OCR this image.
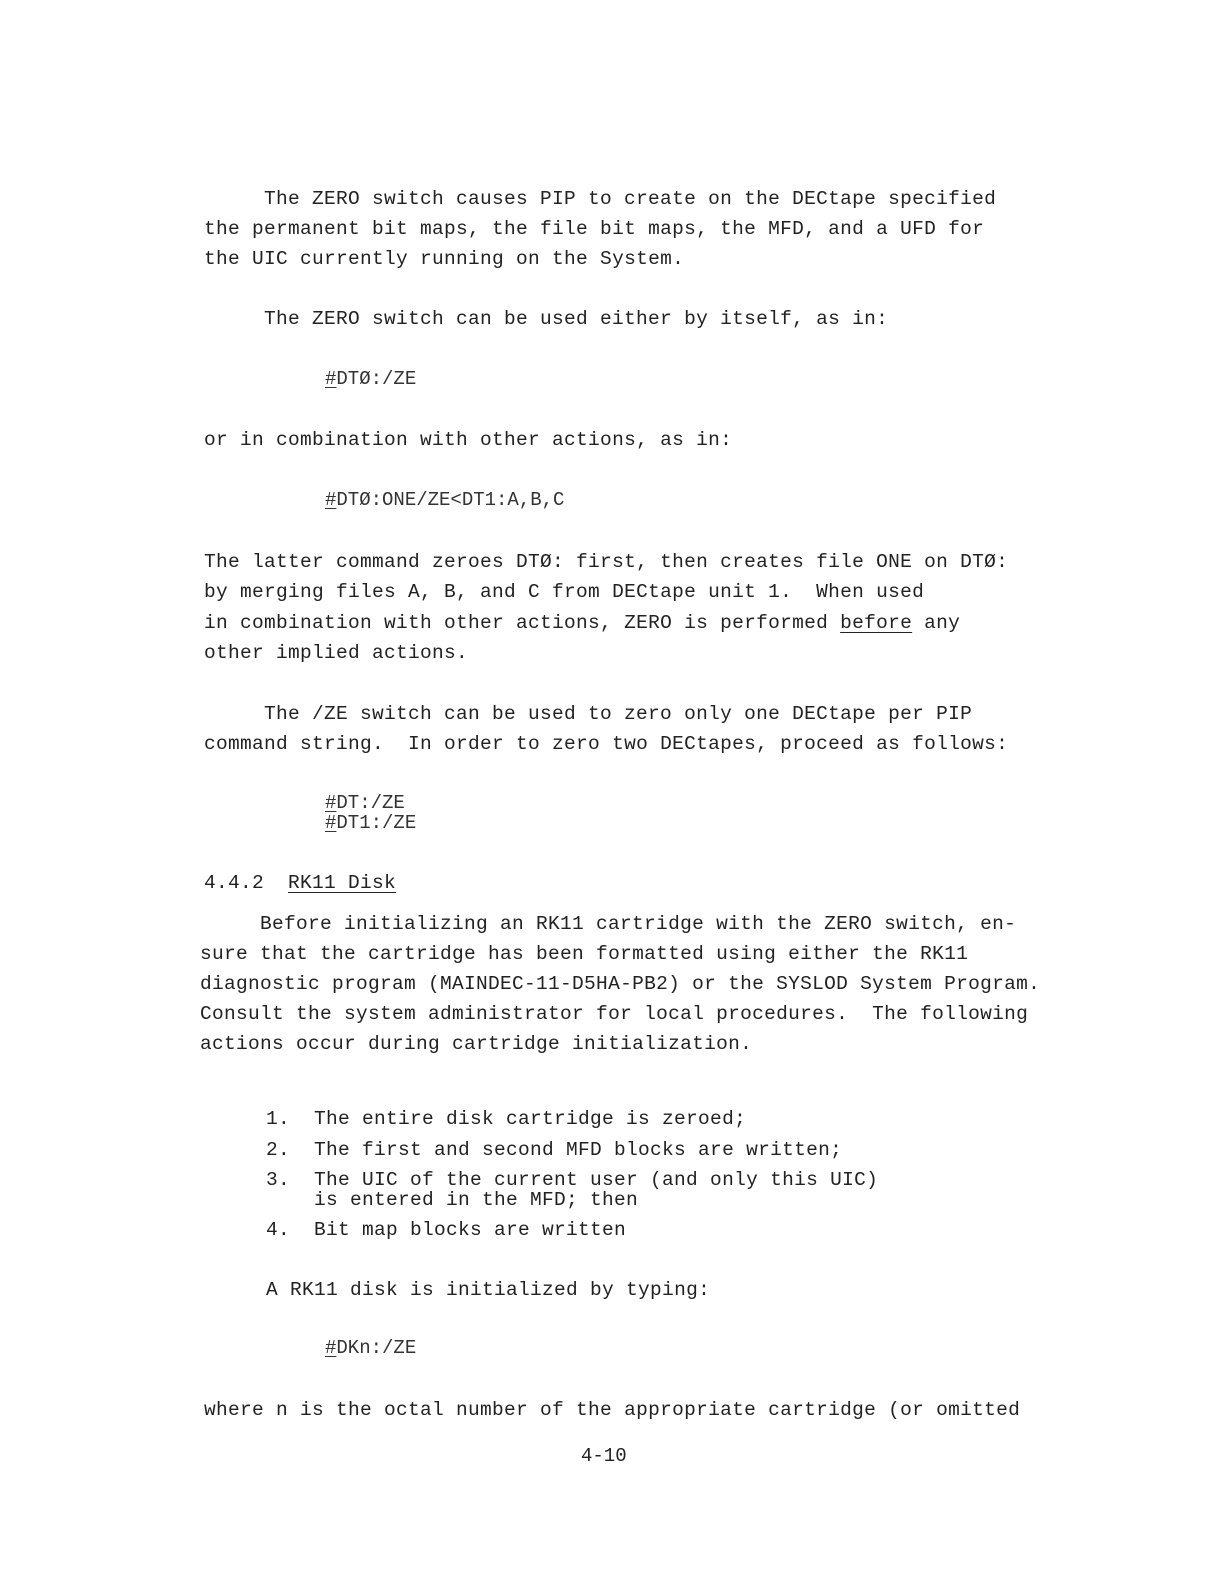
The ZERO switch causes PIP to create on the DECtape specified
the permanent bit maps, the file bit maps, the MFD, and a UFD for
the UIC currently running on the System.
The ZERO switch can be used either by itself, as in:
#DTØ:/ZE
or in combination with other actions, as in:
#DTØ:ONE/ZE<DT1:A,B,C
The latter command zeroes DTØ: first, then creates file ONE on DTØ:
by merging files A, B, and C from DECtape unit 1.  When used
in combination with other actions, ZERO is performed before any
other implied actions.
The /ZE switch can be used to zero only one DECtape per PIP
command string.  In order to zero two DECtapes, proceed as follows:
#DT:/ZE
#DT1:/ZE
4.4.2 RK11 Disk
Before initializing an RK11 cartridge with the ZERO switch, en-
sure that the cartridge has been formatted using either the RK11
diagnostic program (MAINDEC-11-D5HA-PB2) or the SYSLOD System Program.
Consult the system administrator for local procedures.  The following
actions occur during cartridge initialization.
1. The entire disk cartridge is zeroed;
2. The first and second MFD blocks are written;
3. The UIC of the current user (and only this UIC)
is entered in the MFD; then
4. Bit map blocks are written
A RK11 disk is initialized by typing:
#DKn:/ZE
where n is the octal number of the appropriate cartridge (or omitted
4-10
